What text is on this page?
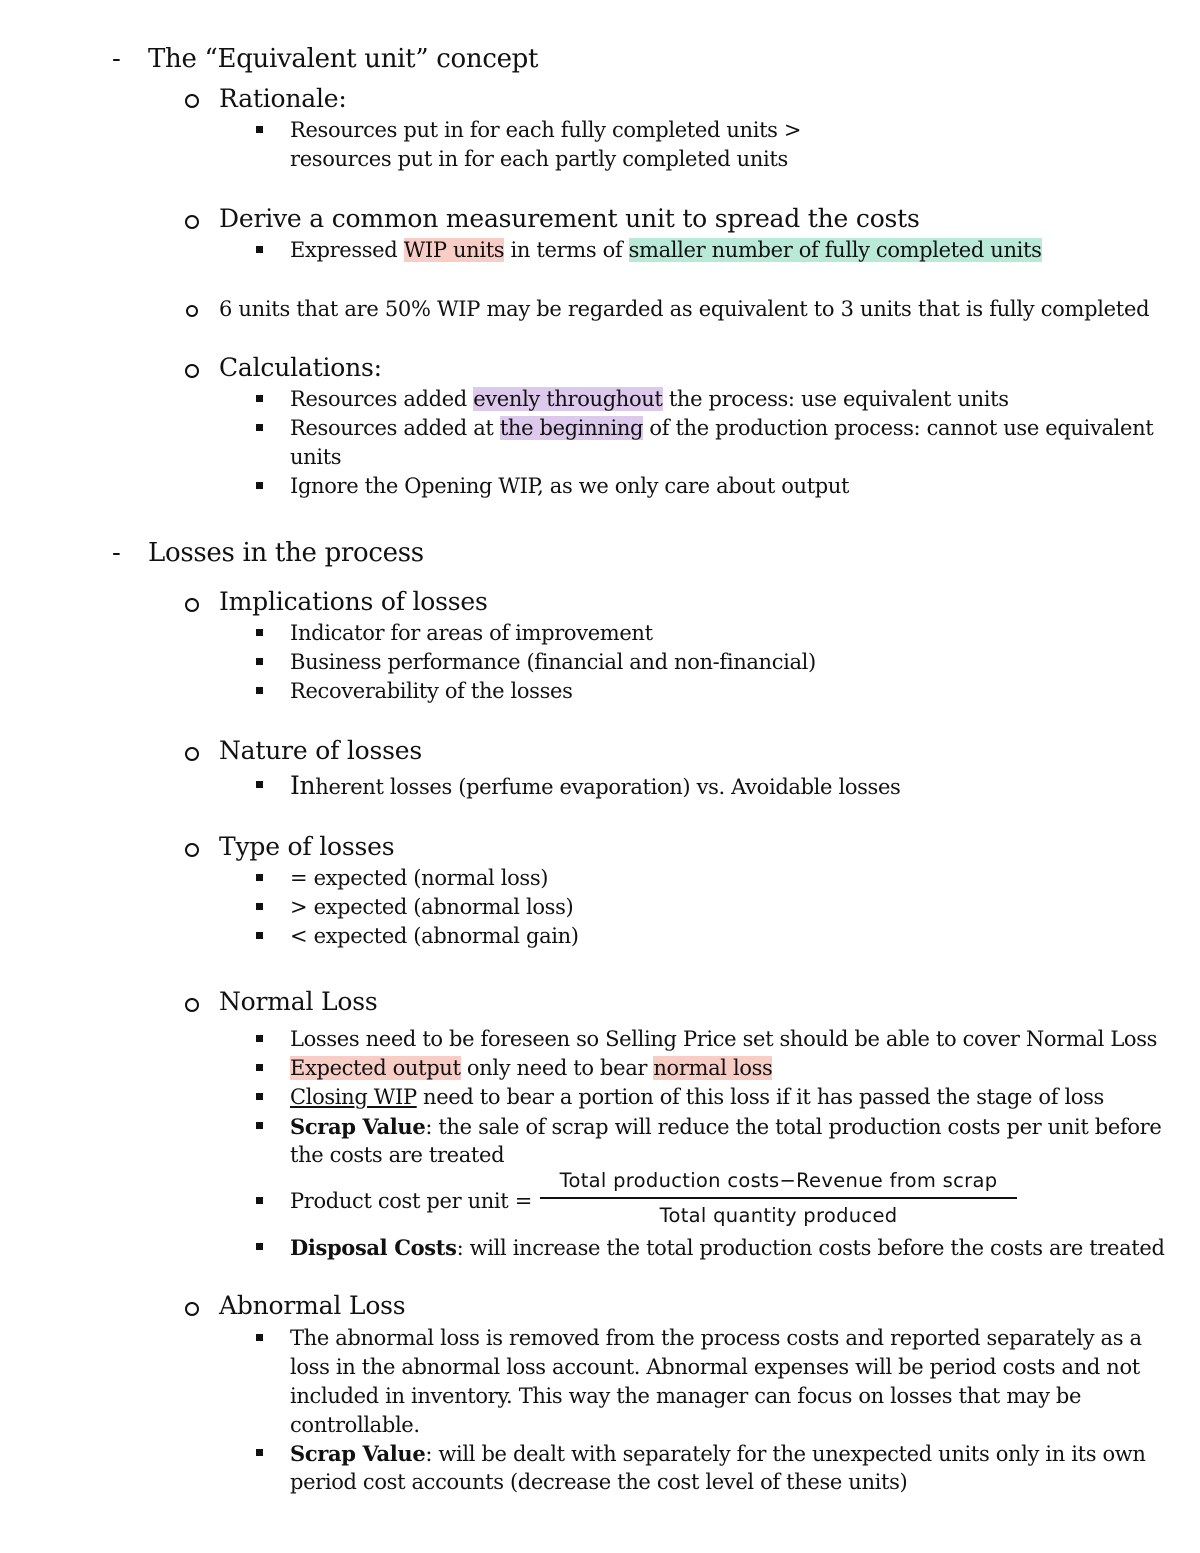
- The “Equivalent unit” concept
Rationale:
Resources put in for each fully completed units >
resources put in for each partly completed units
Derive a common measurement unit to spread the costs
Expressed WIP units in terms of smaller number of fully completed units
6 units that are 50% WIP may be regarded as equivalent to 3 units that is fully completed
Calculations:
Resources added evenly throughout the process: use equivalent units
Resources added at the beginning of the production process: cannot use equivalent
units
Ignore the Opening WIP, as we only care about output
- Losses in the process
Implications of losses
Indicator for areas of improvement
Business performance (financial and non-financial)
Recoverability of the losses
Nature of losses
Inherent losses (perfume evaporation) vs. Avoidable losses
Type of losses
= expected (normal loss)
> expected (abnormal loss)
< expected (abnormal gain)
Normal Loss
Losses need to be foreseen so Selling Price set should be able to cover Normal Loss
Expected output only need to bear normal loss
Closing WIP need to bear a portion of this loss if it has passed the stage of loss
Scrap Value: the sale of scrap will reduce the total production costs per unit before
the costs are treated
Product cost per unit =
Total production costs−Revenue from scrap
Total quantity produced
Disposal Costs: will increase the total production costs before the costs are treated
Abnormal Loss
The abnormal loss is removed from the process costs and reported separately as a
loss in the abnormal loss account. Abnormal expenses will be period costs and not
included in inventory. This way the manager can focus on losses that may be
controllable.
Scrap Value: will be dealt with separately for the unexpected units only in its own
period cost accounts (decrease the cost level of these units)
